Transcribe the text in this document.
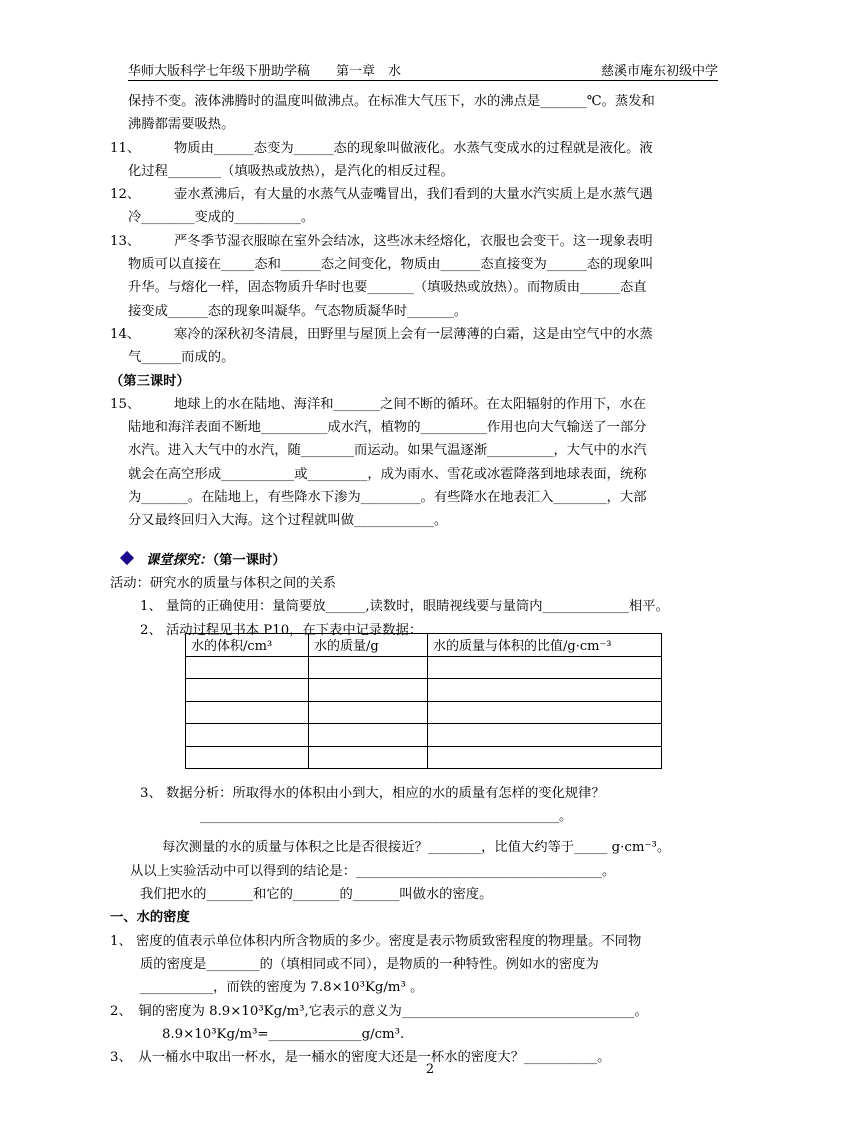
华师大版科学七年级下册助学稿　　第一章　水	慈溪市庵东初级中学
保持不变。液体沸腾时的温度叫做沸点。在标准大气压下，水的沸点是_______℃。蒸发和
沸腾都需要吸热。
11、	物质由______态变为______态的现象叫做液化。水蒸气变成水的过程就是液化。液
化过程________（填吸热或放热），是汽化的相反过程。
12、	壶水煮沸后，有大量的水蒸气从壶嘴冒出，我们看到的大量水汽实质上是水蒸气遇
冷________变成的__________。
13、	严冬季节湿衣服晾在室外会结冰，这些冰未经熔化，衣服也会变干。这一现象表明
物质可以直接在_____态和______态之间变化，物质由______态直接变为______态的现象叫
升华。与熔化一样，固态物质升华时也要_______（填吸热或放热）。而物质由______态直
接变成______态的现象叫凝华。气态物质凝华时_______。
14、	寒冷的深秋初冬清晨，田野里与屋顶上会有一层薄薄的白霜，这是由空气中的水蒸
气______而成的。
（第三课时）
15、	地球上的水在陆地、海洋和_______之间不断的循环。在太阳辐射的作用下，水在
陆地和海洋表面不断地__________成水汽，植物的__________作用也向大气输送了一部分
水汽。进入大气中的水汽，随________而运动。如果气温逐渐__________，大气中的水汽
就会在高空形成___________或_________，成为雨水、雪花或冰雹降落到地球表面，统称
为_______。在陆地上，有些降水下渗为_________。有些降水在地表汇入________，大部
分又最终回归入大海。这个过程就叫做____________。
课堂探究：（第一课时）
活动：研究水的质量与体积之间的关系
1、 量筒的正确使用：量筒要放______,读数时，眼睛视线要与量筒内_____________相平。
2、 活动过程见书本 P10，在下表中记录数据：
3、 数据分析：所取得水的体积由小到大，相应的水的质量有怎样的变化规律？
______________________________________________________。
每次测量的水的质量与体积之比是否很接近？________，比值大约等于_____ g·cm⁻³。
从以上实验活动中可以得到的结论是：_____________________________________。
我们把水的_______和它的_______的_______叫做水的密度。
一、水的密度
1、 密度的值表示单位体积内所含物质的多少。密度是表示物质致密程度的物理量。不同物
质的密度是________的（填相同或不同），是物质的一种特性。例如水的密度为
___________，而铁的密度为 7.8×10³Kg/m³ 。
2、　铜的密度为 8.9×10³Kg/m³,它表示的意义为___________________________________。
8.9×10³Kg/m³=______________g/cm³.
3、　从一桶水中取出一杯水，是一桶水的密度大还是一杯水的密度大？___________。
水的体积/cm³	水的质量/g	水的质量与体积的比值/g·cm⁻³

2
